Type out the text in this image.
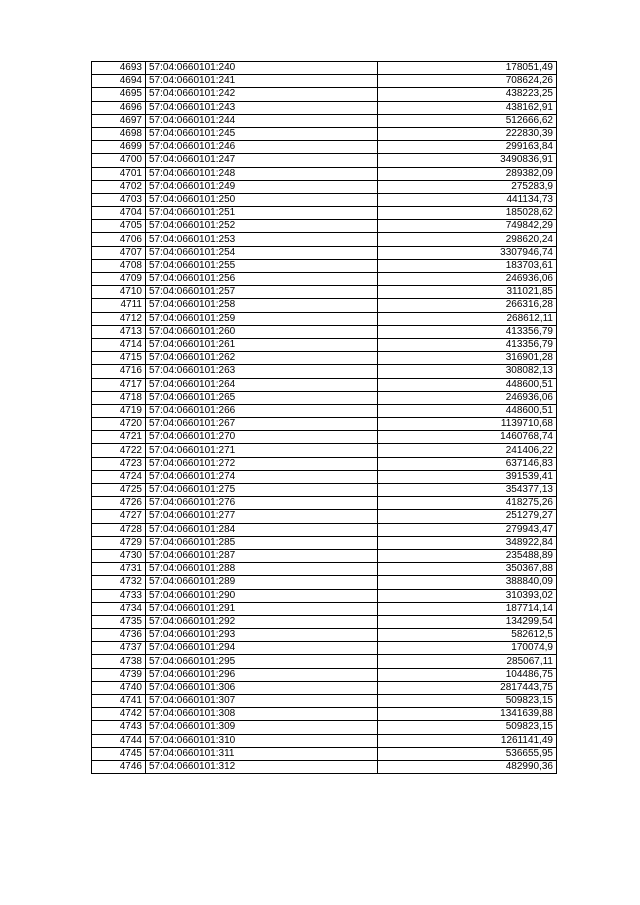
4693	57:04:0660101:240	178051,49
4694	57:04:0660101:241	708624,26
4695	57:04:0660101:242	438223,25
4696	57:04:0660101:243	438162,91
4697	57:04:0660101:244	512666,62
4698	57:04:0660101:245	222830,39
4699	57:04:0660101:246	299163,84
4700	57:04:0660101:247	3490836,91
4701	57:04:0660101:248	289382,09
4702	57:04:0660101:249	275283,9
4703	57:04:0660101:250	441134,73
4704	57:04:0660101:251	185028,62
4705	57:04:0660101:252	749842,29
4706	57:04:0660101:253	298620,24
4707	57:04:0660101:254	3307946,74
4708	57:04:0660101:255	183703,61
4709	57:04:0660101:256	246936,06
4710	57:04:0660101:257	311021,85
4711	57:04:0660101:258	266316,28
4712	57:04:0660101:259	268612,11
4713	57:04:0660101:260	413356,79
4714	57:04:0660101:261	413356,79
4715	57:04:0660101:262	316901,28
4716	57:04:0660101:263	308082,13
4717	57:04:0660101:264	448600,51
4718	57:04:0660101:265	246936,06
4719	57:04:0660101:266	448600,51
4720	57:04:0660101:267	1139710,68
4721	57:04:0660101:270	1460768,74
4722	57:04:0660101:271	241406,22
4723	57:04:0660101:272	637146,83
4724	57:04:0660101:274	391539,41
4725	57:04:0660101:275	354377,13
4726	57:04:0660101:276	418275,26
4727	57:04:0660101:277	251279,27
4728	57:04:0660101:284	279943,47
4729	57:04:0660101:285	348922,84
4730	57:04:0660101:287	235488,89
4731	57:04:0660101:288	350367,88
4732	57:04:0660101:289	388840,09
4733	57:04:0660101:290	310393,02
4734	57:04:0660101:291	187714,14
4735	57:04:0660101:292	134299,54
4736	57:04:0660101:293	582612,5
4737	57:04:0660101:294	170074,9
4738	57:04:0660101:295	285067,11
4739	57:04:0660101:296	104486,75
4740	57:04:0660101:306	2817443,75
4741	57:04:0660101:307	509823,15
4742	57:04:0660101:308	1341639,88
4743	57:04:0660101:309	509823,15
4744	57:04:0660101:310	1261141,49
4745	57:04:0660101:311	536655,95
4746	57:04:0660101:312	482990,36
